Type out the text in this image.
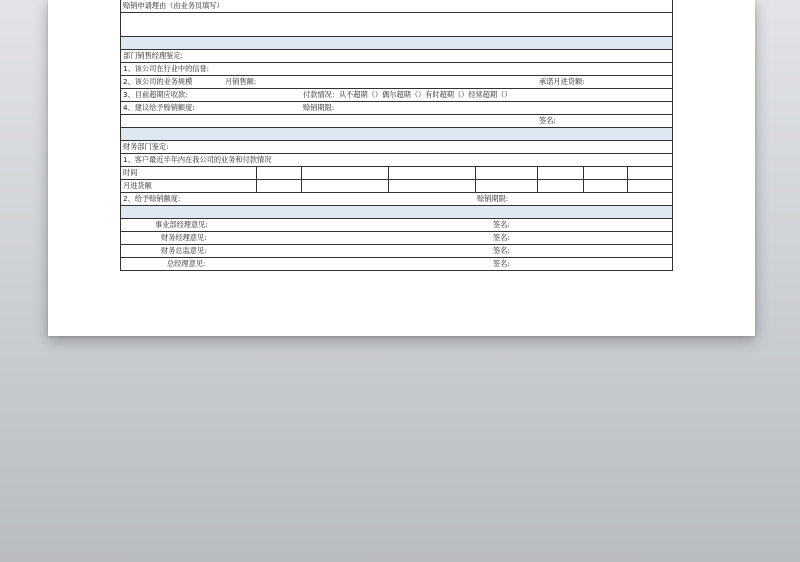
赊销申请理由（由业务员填写）
部门销售经理鉴定:
1、该公司在行业中的信誉:
2、该公司的业务规模	月销售额:	承诺月进货额:
3、目前超期应收款:	付款情况：从不超期（）偶尔超期（）有时超期（）经常超期（）
4、建议给予赊销额度:	赊销期限:
签名:
财务部门鉴定:
1、客户最近半年内在我公司的业务和付款情况
时间
月进货额
2、给予赊销额度:	赊销期限:
事业部经理意见:	签名:
财务经理意见:	签名:
财务总监意见:	签名:
总经理意见:	签名:
